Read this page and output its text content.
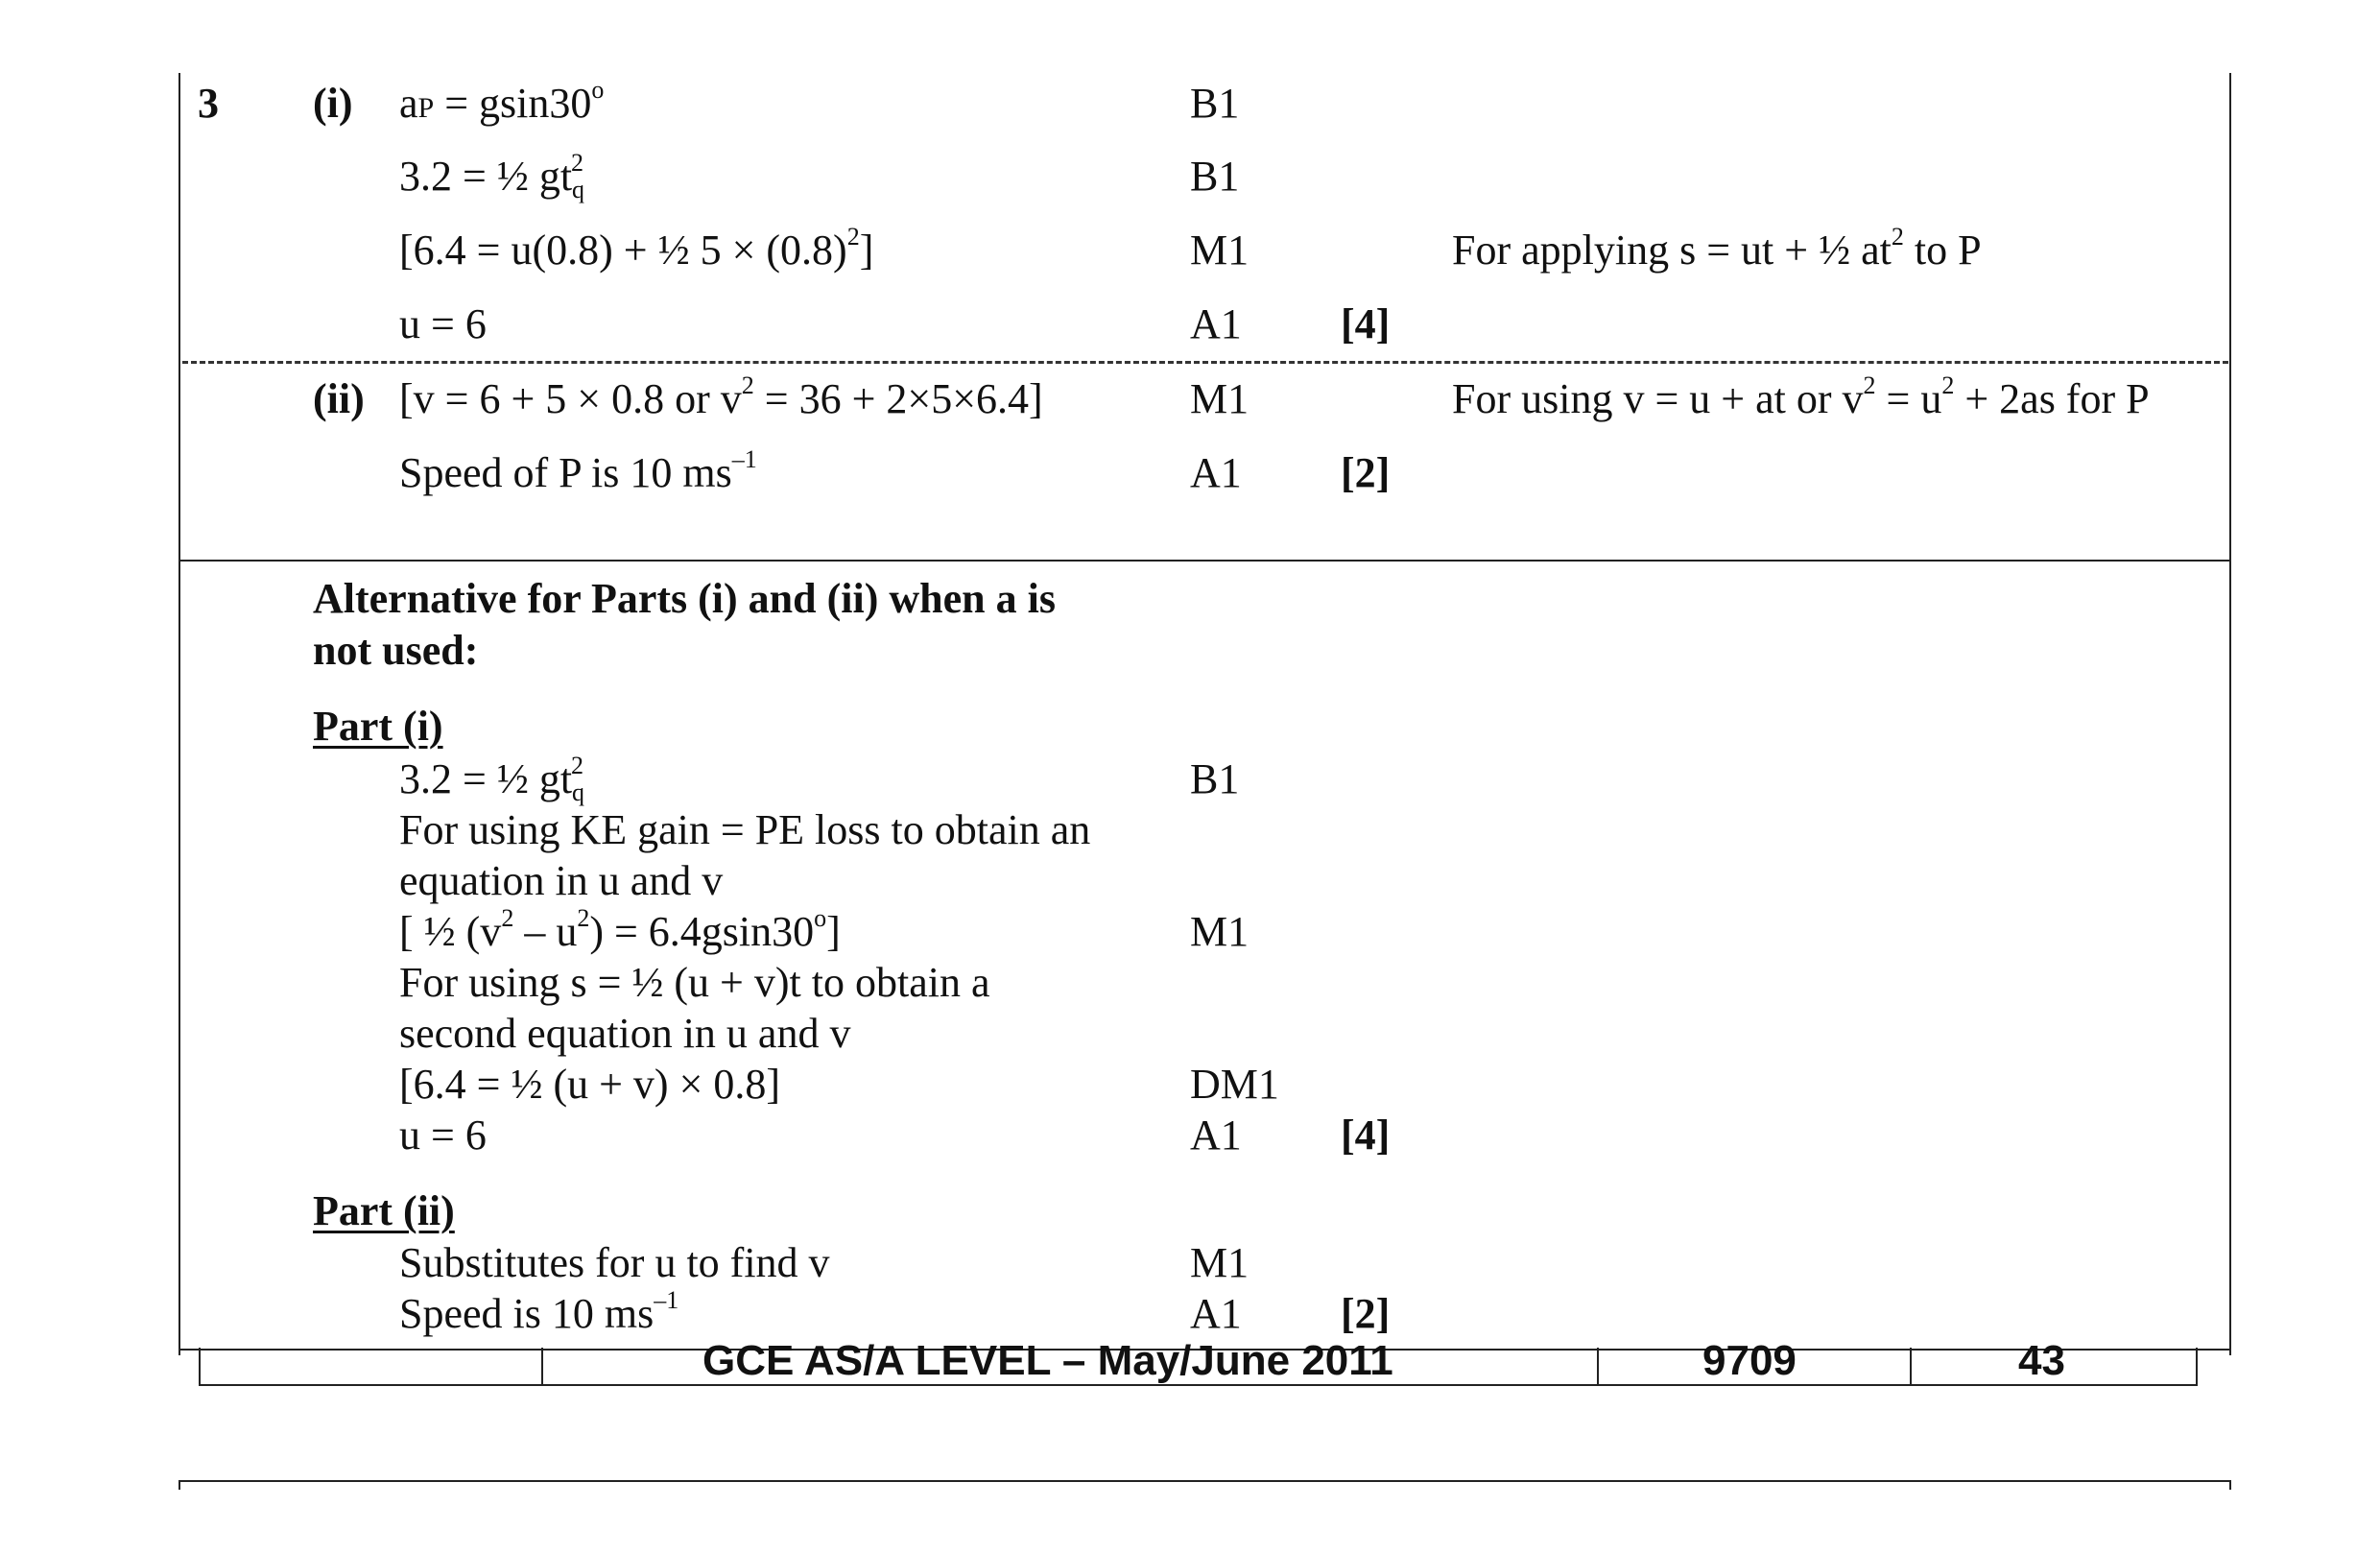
3 (i) aP = $gsin30^o$	B1
3.2 = ½ $gt_q^2$	B1
[6.4 = u(0.8) + ½ $5 \times (0.8)^2$]	M1	For applying s = ut + ½ $at^2$ to P
u = 6	A1 [4]
(ii) [v = 6 + 5 × 0.8 or $v^2 = 36 + 2\times 5\times 6.4$]	M1	For using v = u + at or $v^2 = u^2 + 2as$ for P
Speed of P is 10 $ms^{-1}$	A1 [2]
Alternative for Parts (i) and (ii) when a is
not used:
Part (i)
3.2 = ½ $gt_q^2$	B1
For using KE gain = PE loss to obtain an
equation in u and v
[ ½ $(v^2 - u^2) = 6.4gsin30^o$]	M1
For using s = ½ (u + v)t to obtain a
second equation in u and v
[6.4 = ½ (u + v) × 0.8]	DM1
u = 6	A1 [4]
Part (ii)
Substitutes for u to find v	M1
Speed is 10 $ms^{-1}$	A1 [2]
GCE AS/A LEVEL – May/June 2011	9709	43
